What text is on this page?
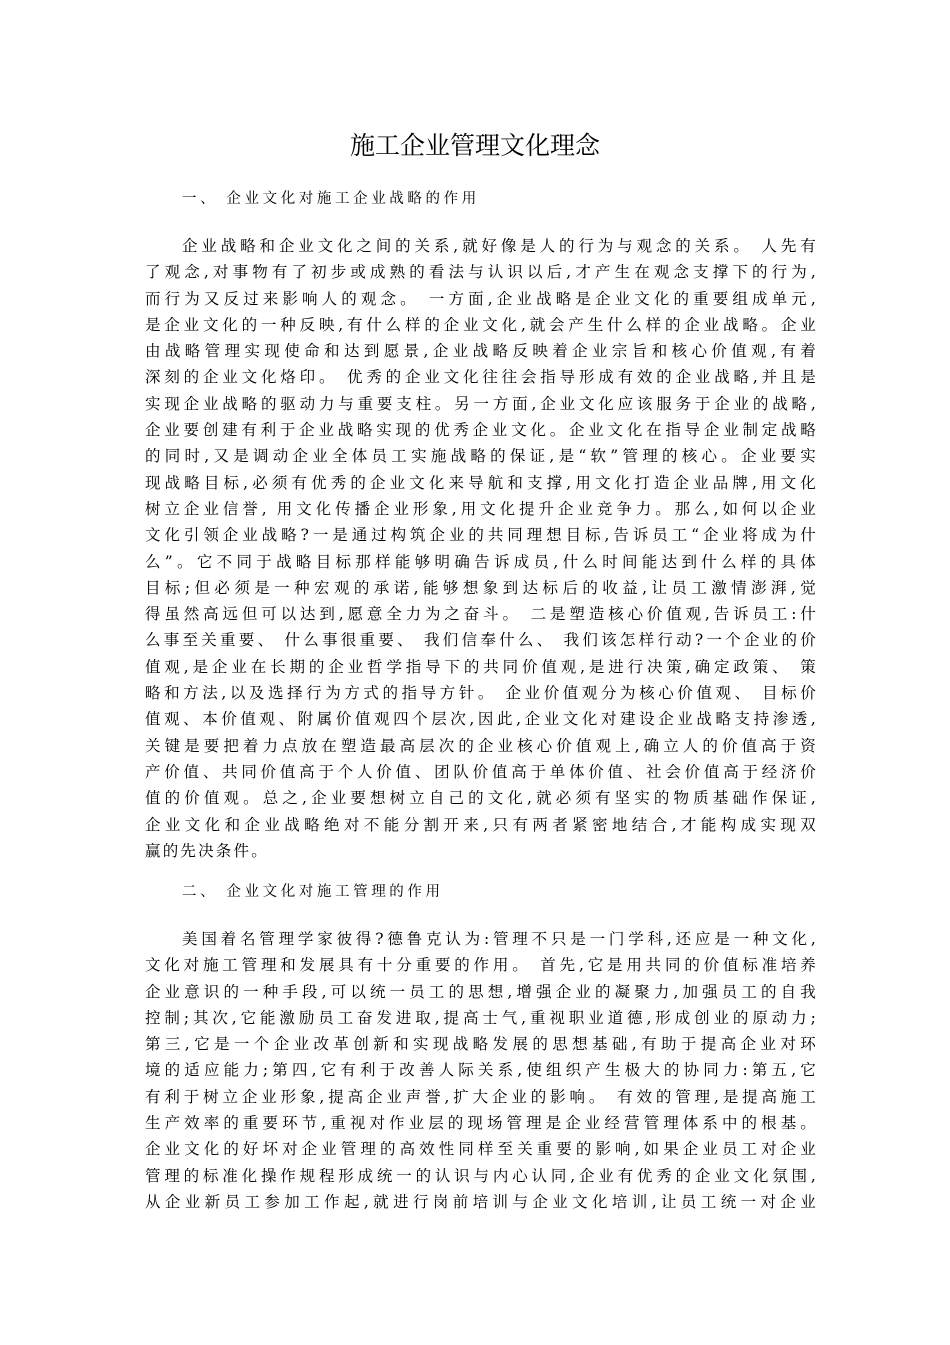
施工企业管理文化理念
一、 企业文化对施工企业战略的作用
企业战略和企业文化之间的关系,就好像是人的行为与观念的关系。 人先有
了观念,对事物有了初步或成熟的看法与认识以后,才产生在观念支撑下的行为,
而行为又反过来影响人的观念。 一方面,企业战略是企业文化的重要组成单元,
是企业文化的一种反映,有什么样的企业文化,就会产生什么样的企业战略。企业
由战略管理实现使命和达到愿景,企业战略反映着企业宗旨和核心价值观,有着
深刻的企业文化烙印。 优秀的企业文化往往会指导形成有效的企业战略,并且是
实现企业战略的驱动力与重要支柱。另一方面,企业文化应该服务于企业的战略,
企业要创建有利于企业战略实现的优秀企业文化。企业文化在指导企业制定战略
的同时,又是调动企业全体员工实施战略的保证,是“软”管理的核心。企业要实
现战略目标,必须有优秀的企业文化来导航和支撑,用文化打造企业品牌,用文化
树立企业信誉, 用文化传播企业形象,用文化提升企业竞争力。那么,如何以企业
文化引领企业战略?一是通过构筑企业的共同理想目标,告诉员工“企业将成为什
么”。它不同于战略目标那样能够明确告诉成员,什么时间能达到什么样的具体
目标;但必须是一种宏观的承诺,能够想象到达标后的收益,让员工激情澎湃,觉
得虽然高远但可以达到,愿意全力为之奋斗。 二是塑造核心价值观,告诉员工:什
么事至关重要、 什么事很重要、 我们信奉什么、 我们该怎样行动?一个企业的价
值观,是企业在长期的企业哲学指导下的共同价值观,是进行决策,确定政策、 策
略和方法,以及选择行为方式的指导方针。 企业价值观分为核心价值观、 目标价
值观、本价值观、附属价值观四个层次,因此,企业文化对建设企业战略支持渗透,
关键是要把着力点放在塑造最高层次的企业核心价值观上,确立人的价值高于资
产价值、共同价值高于个人价值、团队价值高于单体价值、社会价值高于经济价
值的价值观。总之,企业要想树立自己的文化,就必须有坚实的物质基础作保证,
企业文化和企业战略绝对不能分割开来,只有两者紧密地结合,才能构成实现双
赢的先决条件。
二、 企业文化对施工管理的作用
美国着名管理学家彼得?德鲁克认为:管理不只是一门学科,还应是一种文化,
文化对施工管理和发展具有十分重要的作用。 首先,它是用共同的价值标准培养
企业意识的一种手段,可以统一员工的思想,增强企业的凝聚力,加强员工的自我
控制;其次,它能激励员工奋发进取,提高士气,重视职业道德,形成创业的原动力;
第三,它是一个企业改革创新和实现战略发展的思想基础,有助于提高企业对环
境的适应能力;第四,它有利于改善人际关系,使组织产生极大的协同力:第五,它
有利于树立企业形象,提高企业声誉,扩大企业的影响。 有效的管理,是提高施工
生产效率的重要环节,重视对作业层的现场管理是企业经营管理体系中的根基。
企业文化的好坏对企业管理的高效性同样至关重要的影响,如果企业员工对企业
管理的标准化操作规程形成统一的认识与内心认同,企业有优秀的企业文化氛围,
从企业新员工参加工作起,就进行岗前培训与企业文化培训,让员工统一对企业
